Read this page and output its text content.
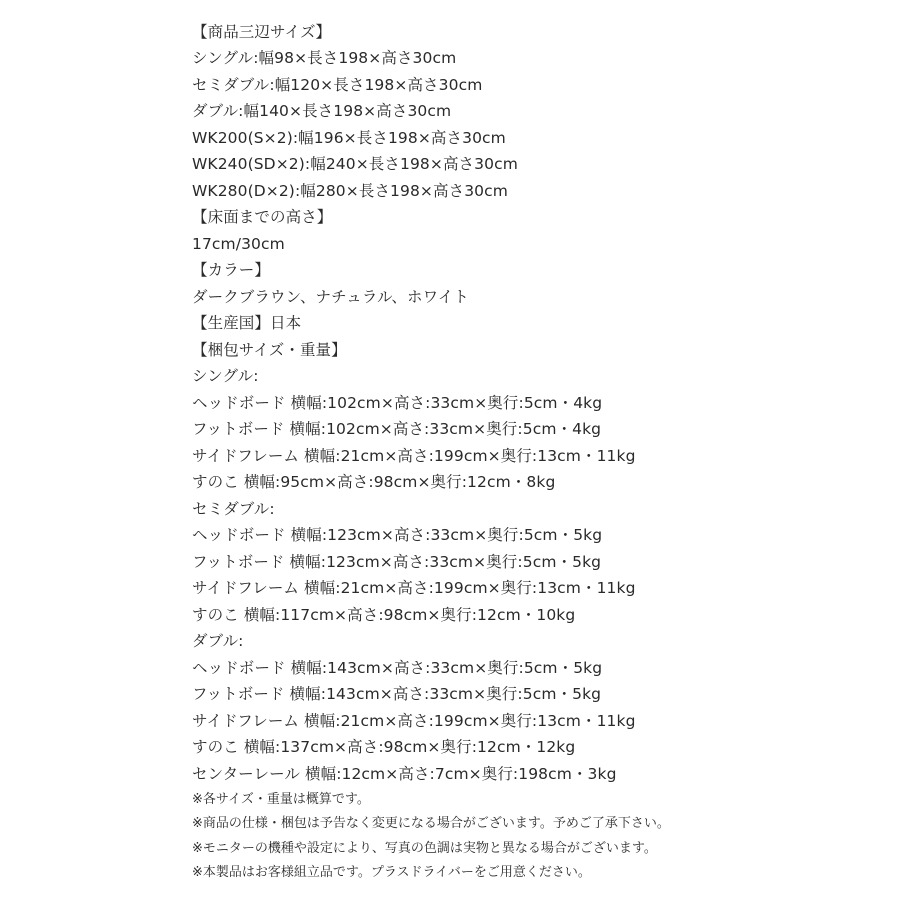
【商品三辺サイズ】
シングル:幅98×長さ198×高さ30cm
セミダブル:幅120×長さ198×高さ30cm
ダブル:幅140×長さ198×高さ30cm
WK200(S×2):幅196×長さ198×高さ30cm
WK240(SD×2):幅240×長さ198×高さ30cm
WK280(D×2):幅280×長さ198×高さ30cm
【床面までの高さ】
17cm/30cm
【カラー】
ダークブラウン、ナチュラル、ホワイト
【生産国】日本
【梱包サイズ・重量】
シングル:
ヘッドボード 横幅:102cm×高さ:33cm×奥行:5cm・4kg
フットボード 横幅:102cm×高さ:33cm×奥行:5cm・4kg
サイドフレーム 横幅:21cm×高さ:199cm×奥行:13cm・11kg
すのこ 横幅:95cm×高さ:98cm×奥行:12cm・8kg
セミダブル:
ヘッドボード 横幅:123cm×高さ:33cm×奥行:5cm・5kg
フットボード 横幅:123cm×高さ:33cm×奥行:5cm・5kg
サイドフレーム 横幅:21cm×高さ:199cm×奥行:13cm・11kg
すのこ 横幅:117cm×高さ:98cm×奥行:12cm・10kg
ダブル:
ヘッドボード 横幅:143cm×高さ:33cm×奥行:5cm・5kg
フットボード 横幅:143cm×高さ:33cm×奥行:5cm・5kg
サイドフレーム 横幅:21cm×高さ:199cm×奥行:13cm・11kg
すのこ 横幅:137cm×高さ:98cm×奥行:12cm・12kg
センターレール 横幅:12cm×高さ:7cm×奥行:198cm・3kg
※各サイズ・重量は概算です。
※商品の仕様・梱包は予告なく変更になる場合がございます。予めご了承下さい。
※モニターの機種や設定により、写真の色調は実物と異なる場合がございます。
※本製品はお客様組立品です。プラスドライバーをご用意ください。
